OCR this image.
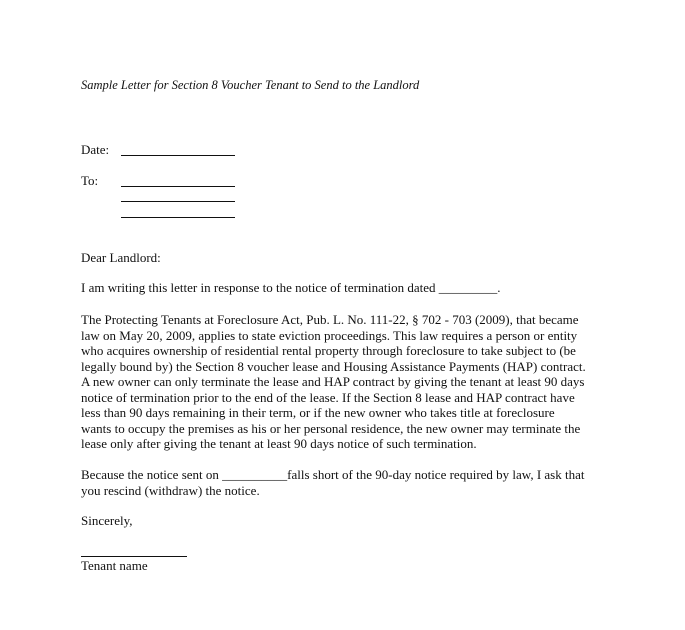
Sample Letter for Section 8 Voucher Tenant to Send to the Landlord
Date:
To:
Dear Landlord:
I am writing this letter in response to the notice of termination dated _________.
The Protecting Tenants at Foreclosure Act, Pub. L. No. 111-22, § 702 - 703 (2009), that became
law on May 20, 2009, applies to state eviction proceedings. This law requires a person or entity
who acquires ownership of residential rental property through foreclosure to take subject to (be
legally bound by) the Section 8 voucher lease and Housing Assistance Payments (HAP) contract.
A new owner can only terminate the lease and HAP contract by giving the tenant at least 90 days
notice of termination prior to the end of the lease. If the Section 8 lease and HAP contract have
less than 90 days remaining in their term, or if the new owner who takes title at foreclosure
wants to occupy the premises as his or her personal residence, the new owner may terminate the
lease only after giving the tenant at least 90 days notice of such termination.
Because the notice sent on __________falls short of the 90-day notice required by law, I ask that
you rescind (withdraw) the notice.
Sincerely,
Tenant name
